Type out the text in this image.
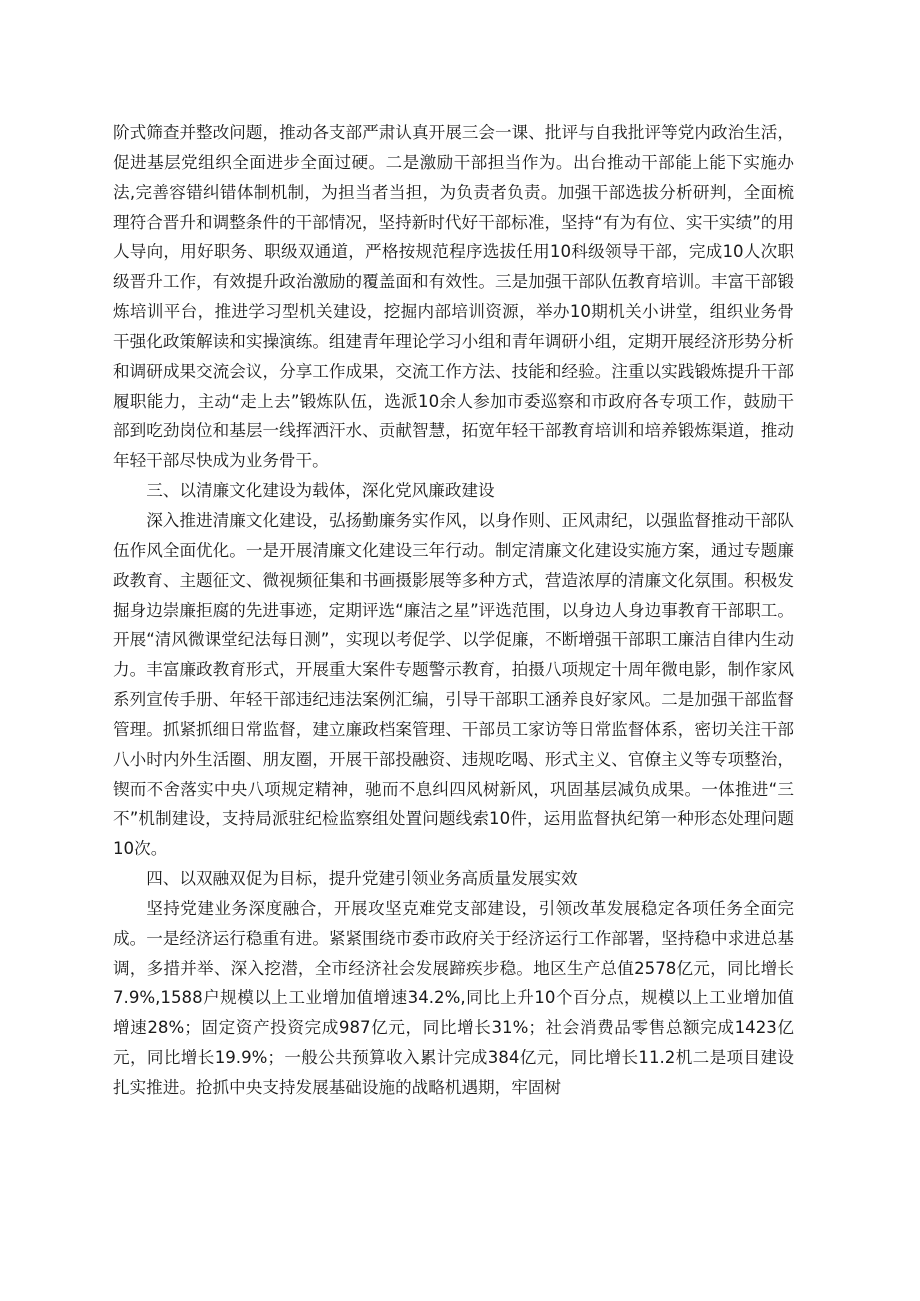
阶式筛查并整改问题，推动各支部严肃认真开展三会一课、批评与自我批评等党内政治生活，促进基层党组织全面进步全面过硬。二是激励干部担当作为。出台推动干部能上能下实施办法,完善容错纠错体制机制，为担当者当担，为负责者负责。加强干部选拔分析研判，全面梳理符合晋升和调整条件的干部情况，坚持新时代好干部标准，坚持“有为有位、实干实绩”的用人导向，用好职务、职级双通道，严格按规范程序选拔任用10科级领导干部，完成10人次职级晋升工作，有效提升政治激励的覆盖面和有效性。三是加强干部队伍教育培训。丰富干部锻炼培训平台，推进学习型机关建设，挖掘内部培训资源，举办10期机关小讲堂，组织业务骨干强化政策解读和实操演练。组建青年理论学习小组和青年调研小组，定期开展经济形势分析和调研成果交流会议，分享工作成果，交流工作方法、技能和经验。注重以实践锻炼提升干部履职能力，主动“走上去”锻炼队伍，选派10余人参加市委巡察和市政府各专项工作，鼓励干部到吃劲岗位和基层一线挥洒汗水、贡献智慧，拓宽年轻干部教育培训和培养锻炼渠道，推动年轻干部尽快成为业务骨干。

三、以清廉文化建设为载体，深化党风廉政建设

深入推进清廉文化建设，弘扬勤廉务实作风，以身作则、正风肃纪，以强监督推动干部队伍作风全面优化。一是开展清廉文化建设三年行动。制定清廉文化建设实施方案，通过专题廉政教育、主题征文、微视频征集和书画摄影展等多种方式，营造浓厚的清廉文化氛围。积极发掘身边崇廉拒腐的先进事迹，定期评选“廉洁之星”评选范围，以身边人身边事教育干部职工。开展“清风微课堂纪法每日测”，实现以考促学、以学促廉，不断增强干部职工廉洁自律内生动力。丰富廉政教育形式，开展重大案件专题警示教育，拍摄八项规定十周年微电影，制作家风系列宣传手册、年轻干部违纪违法案例汇编，引导干部职工涵养良好家风。二是加强干部监督管理。抓紧抓细日常监督，建立廉政档案管理、干部员工家访等日常监督体系，密切关注干部八小时内外生活圈、朋友圈，开展干部投融资、违规吃喝、形式主义、官僚主义等专项整治，锲而不舍落实中央八项规定精神，驰而不息纠四风树新风，巩固基层减负成果。一体推进“三不”机制建设，支持局派驻纪检监察组处置问题线索10件，运用监督执纪第一种形态处理问题10次。

四、以双融双促为目标，提升党建引领业务高质量发展实效

坚持党建业务深度融合，开展攻坚克难党支部建设，引领改革发展稳定各项任务全面完成。一是经济运行稳重有进。紧紧围绕市委市政府关于经济运行工作部署，坚持稳中求进总基调，多措并举、深入挖潜，全市经济社会发展蹄疾步稳。地区生产总值2578亿元，同比增长7.9%,1588户规模以上工业增加值增速34.2%,同比上升10个百分点，规模以上工业增加值增速28%；固定资产投资完成987亿元，同比增长31%；社会消费品零售总额完成1423亿元，同比增长19.9%；一般公共预算收入累计完成384亿元，同比增长11.2机二是项目建设扎实推进。抢抓中央支持发展基础设施的战略机遇期，牢固树
